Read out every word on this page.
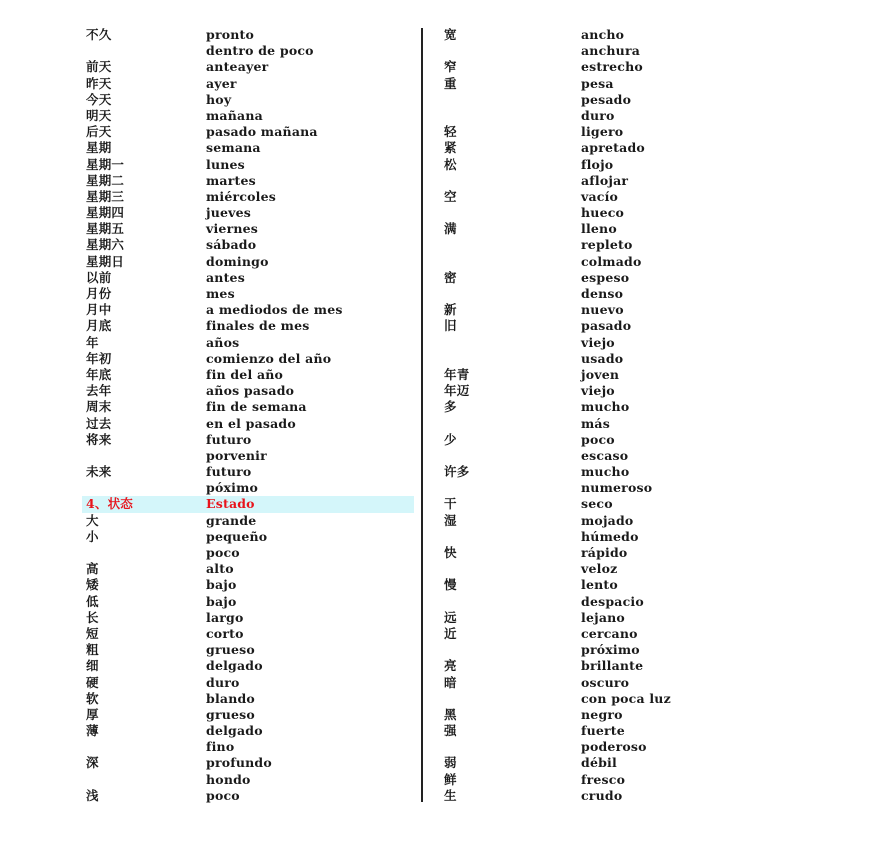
不久	pronto
dentro de poco
前天	anteayer
昨天	ayer
今天	hoy
明天	mañana
后天	pasado mañana
星期	semana
星期一	lunes
星期二	martes
星期三	miércoles
星期四	jueves
星期五	viernes
星期六	sábado
星期日	domingo
以前	antes
月份	mes
月中	a mediodos de mes
月底	finales de mes
年	años
年初	comienzo del año
年底	fin del año
去年	años pasado
周末	fin de semana
过去	en el pasado
将来	futuro
porvenir
未来	futuro
póximo
4、状态	Estado
大	grande
小	pequeño
poco
高	alto
矮	bajo
低	bajo
长	largo
短	corto
粗	grueso
细	delgado
硬	duro
软	blando
厚	grueso
薄	delgado
fino
深	profundo
hondo
浅	poco
宽	ancho
anchura
窄	estrecho
重	pesa
pesado
duro
轻	ligero
紧	apretado
松	flojo
aflojar
空	vacío
hueco
满	lleno
repleto
colmado
密	espeso
denso
新	nuevo
旧	pasado
viejo
usado
年青	joven
年迈	viejo
多	mucho
más
少	poco
escaso
许多	mucho
numeroso
干	seco
湿	mojado
húmedo
快	rápido
veloz
慢	lento
despacio
远	lejano
近	cercano
próximo
亮	brillante
暗	oscuro
con poca luz
黑	negro
强	fuerte
poderoso
弱	débil
鲜	fresco
生	crudo
